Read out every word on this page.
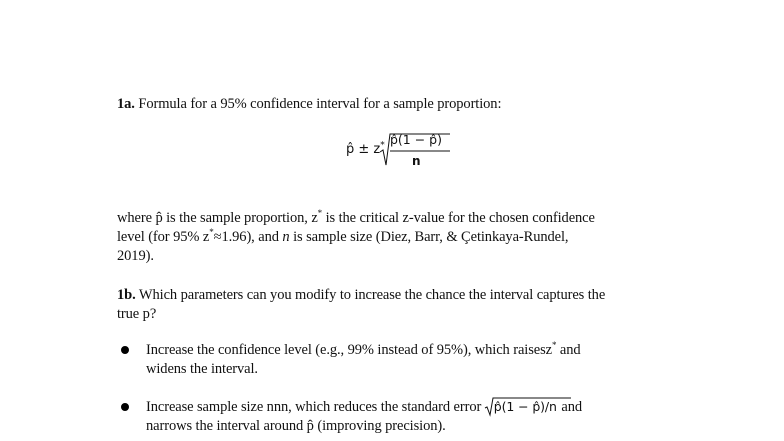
1a. Formula for a 95% confidence interval for a sample proportion:
p̂ ± z* p̂(1 − p̂)
n
where p̂ is the sample proportion, z* is the critical z-value for the chosen confidence
level (for 95% z*≈1.96), and n is sample size (Diez, Barr, & Çetinkaya-Rundel,
2019).
1b. Which parameters can you modify to increase the chance the interval captures the
true p?
Increase the confidence level (e.g., 99% instead of 95%), which raisesz* and
widens the interval.
Increase sample size nnn, which reduces the standard error
p̂(1 − p̂)/n and
narrows the interval around p̂ (improving precision).
